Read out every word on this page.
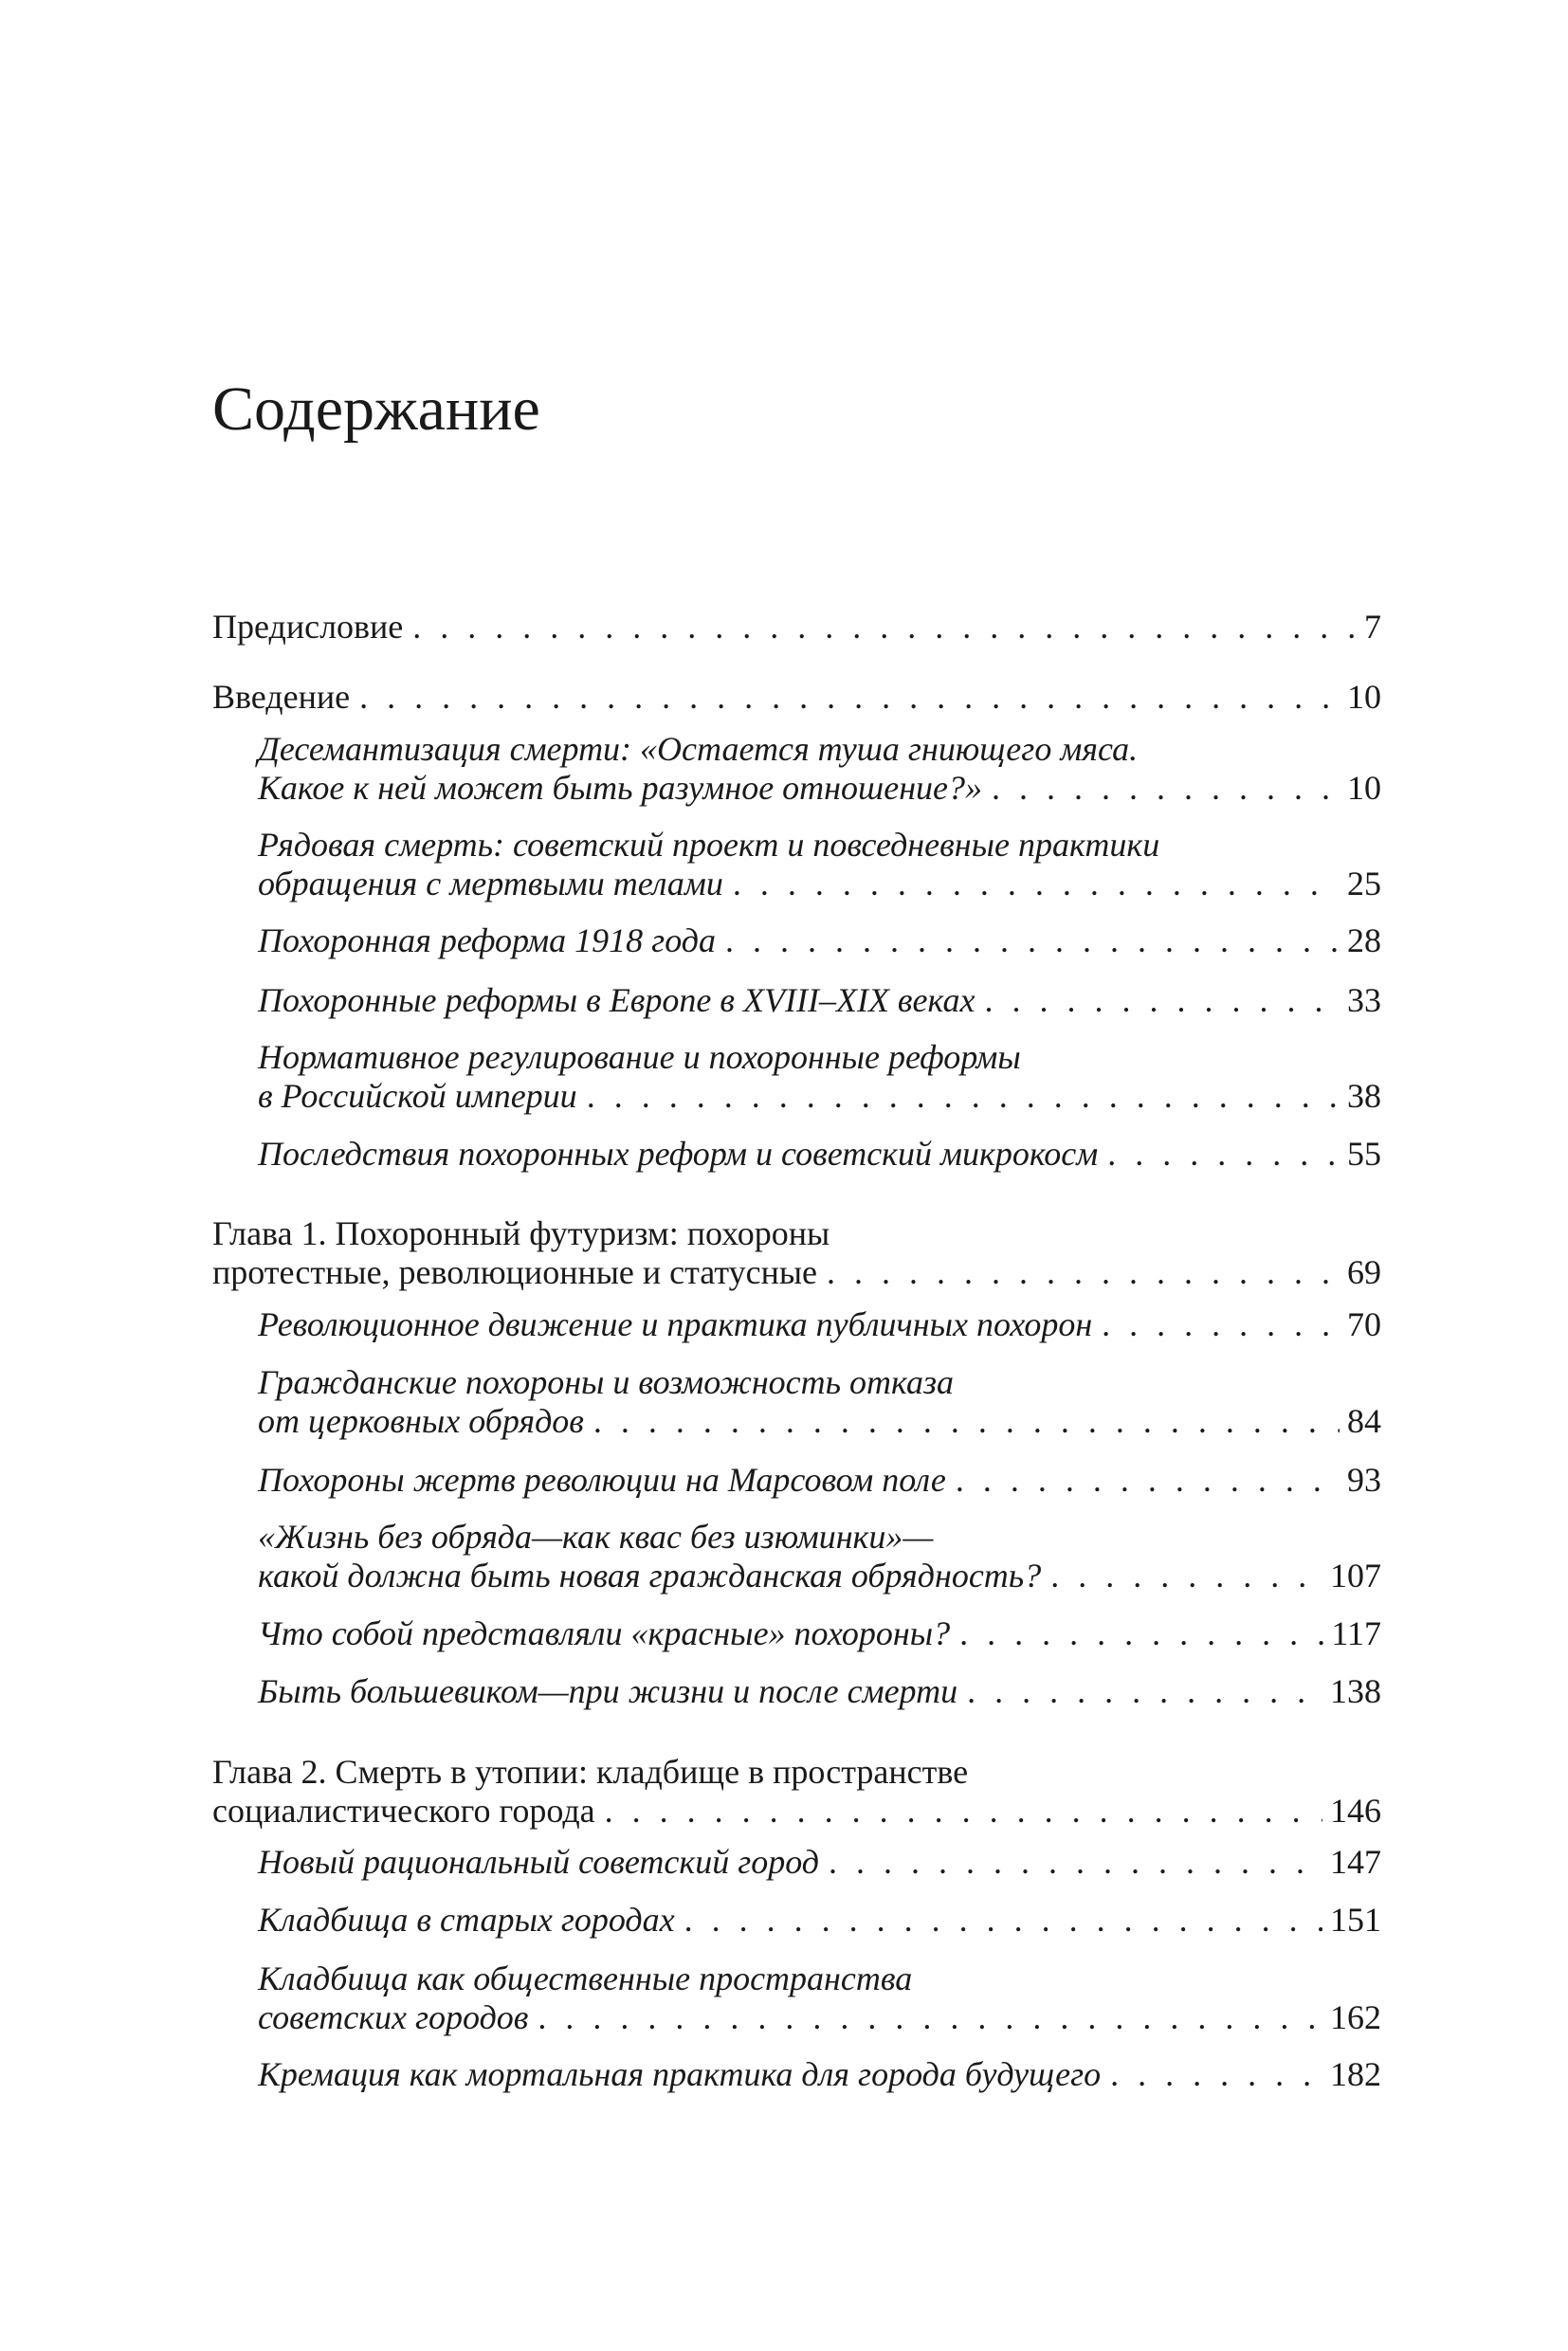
Содержание
Предисловие . . .	7
Введение . . .	10
Десемантизация смерти: «Остается туша гниющего мяса.
Какое к ней может быть разумное отношение?» . . .	10
Рядовая смерть: советский проект и повседневные практики
обращения с мертвыми телами . . .	25
Похоронная реформа 1918 года . . .	28
Похоронные реформы в Европе в XVIII–XIX веках . . .	33
Нормативное регулирование и похоронные реформы
в Российской империи . . .	38
Последствия похоронных реформ и советский микрокосм . . .	55
Глава 1. Похоронный футуризм: похороны
протестные, революционные и статусные . . .	69
Революционное движение и практика публичных похорон . . .	70
Гражданские похороны и возможность отказа
от церковных обрядов . . .	84
Похороны жертв революции на Марсовом поле . . .	93
«Жизнь без обряда—как квас без изюминки»—
какой должна быть новая гражданская обрядность? . . .	107
Что собой представляли «красные» похороны? . . .	117
Быть большевиком—при жизни и после смерти . . .	138
Глава 2. Смерть в утопии: кладбище в пространстве
социалистического города . . .	146
Новый рациональный советский город . . .	147
Кладбища в старых городах . . .	151
Кладбища как общественные пространства
советских городов . . .	162
Кремация как мортальная практика для города будущего . . .	182
